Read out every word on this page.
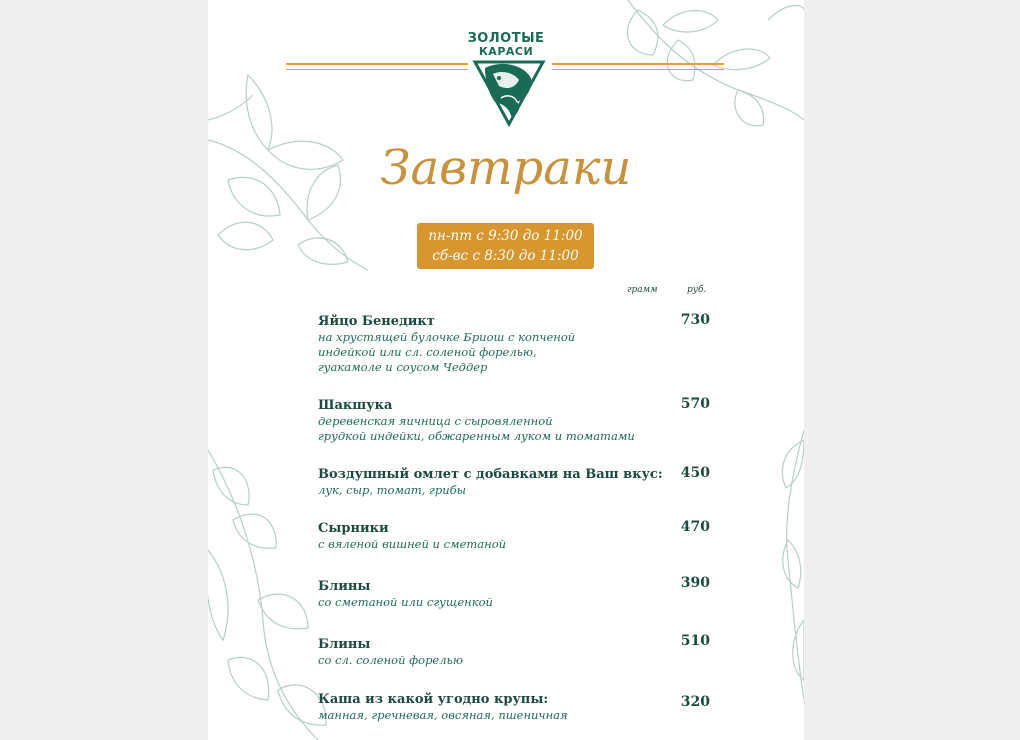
ЗОЛОТЫЕ
КАРАСИ
Завтраки
пн-пт с 9:30 до 11:00
сб-вс с 8:30 до 11:00
грамм	руб.
Яйцо Бенедикт
на хрустящей булочке Бриош с копченой
индейкой или сл. соленой форелью,
гуакамоле и соусом Чеддер
730
Шакшука
деревенская яичница с сыровяленной
грудкой индейки, обжаренным луком и томатами
570
Воздушный омлет с добавками на Ваш вкус:
лук, сыр, томат, грибы
450
Сырники
с вяленой вишней и сметаной
470
Блины
со сметаной или сгущенкой
390
Блины
со сл. соленой форелью
510
Каша из какой угодно крупы:
манная, гречневая, овсяная, пшеничная
320
